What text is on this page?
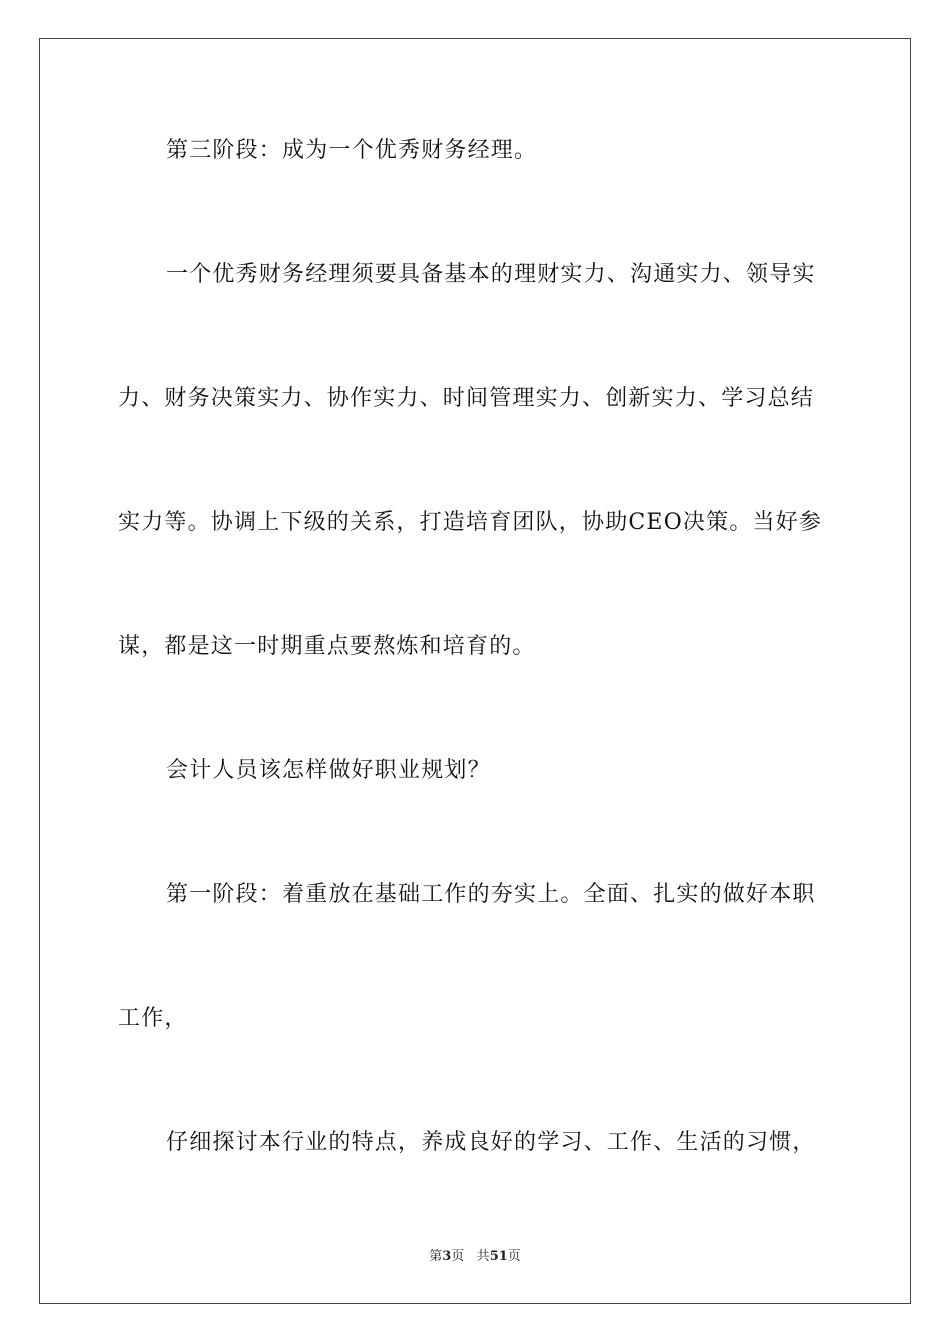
第三阶段：成为一个优秀财务经理。
一个优秀财务经理须要具备基本的理财实力、沟通实力、领导实
力、财务决策实力、协作实力、时间管理实力、创新实力、学习总结
实力等。协调上下级的关系，打造培育团队，协助CEO决策。当好参
谋，都是这一时期重点要熬炼和培育的。
会计人员该怎样做好职业规划？
第一阶段：着重放在基础工作的夯实上。全面、扎实的做好本职
工作，
仔细探讨本行业的特点，养成良好的学习、工作、生活的习惯，
第3页 共51页
